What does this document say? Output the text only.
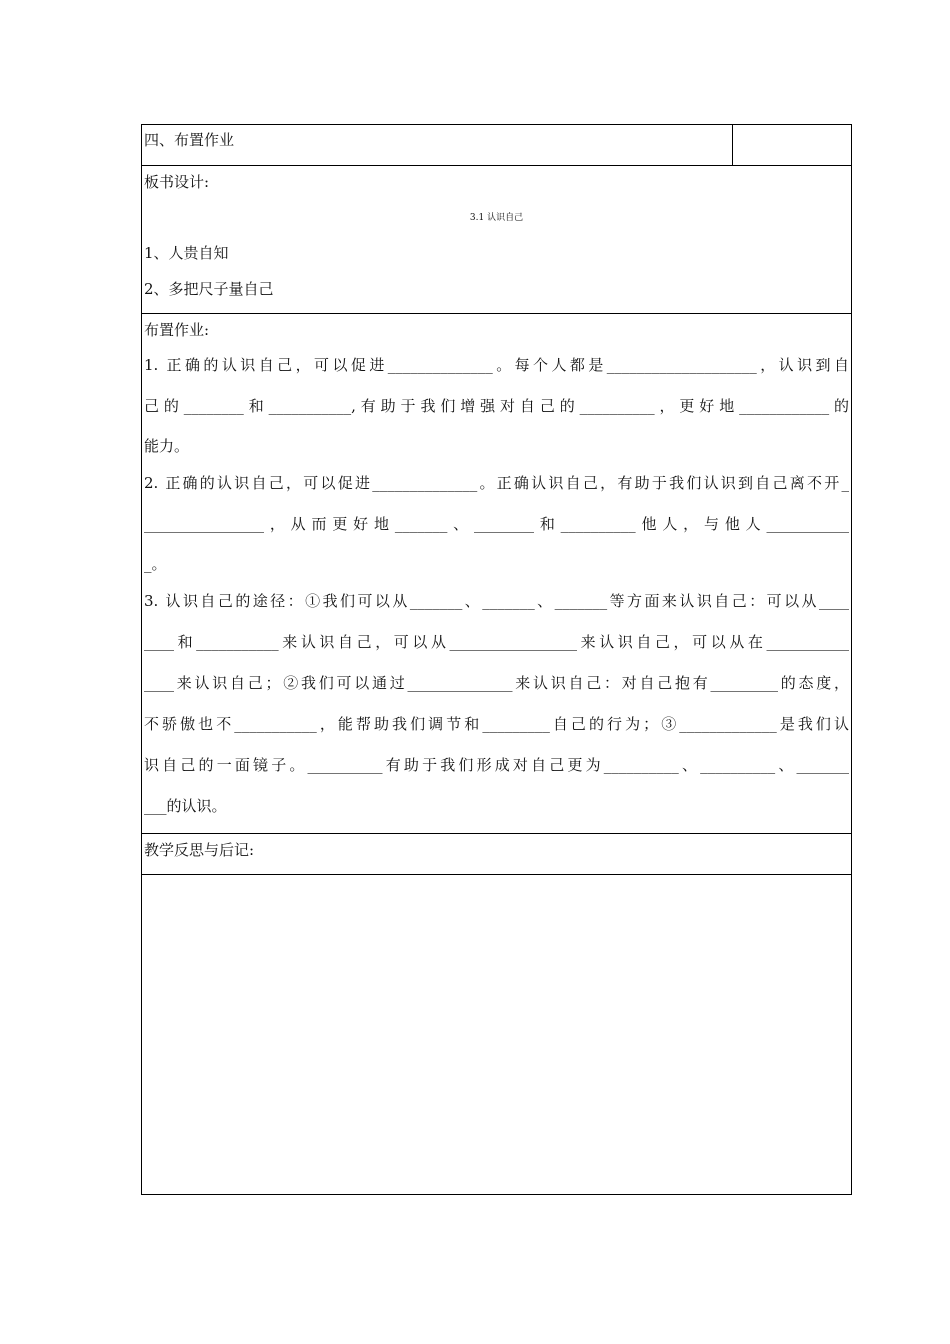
四、布置作业
板书设计:
3.1 认识自己
1、人贵自知
2、多把尺子量自己
布置作业:
1. 正确的认识自己，可以促进______________。每个人都是____________________，认识到自
己的________和___________,有助于我们增强对自己的__________，更好地____________的
能力。
2. 正确的认识自己，可以促进______________。正确认识自己，有助于我们认识到自己离不开_
________________，从而更好地_______、________和__________他人，与他人___________
_。
3. 认识自己的途径：①我们可以从_______、_______、_______等方面来认识自己：可以从____
____和___________来认识自己，可以从_________________来认识自己，可以从在___________
____来认识自己；②我们可以通过______________来认识自己：对自己抱有_________的态度，
不骄傲也不___________，能帮助我们调节和_________自己的行为；③_____________是我们认
识自己的一面镜子。__________有助于我们形成对自己更为__________、__________、_______
___的认识。
教学反思与后记:
